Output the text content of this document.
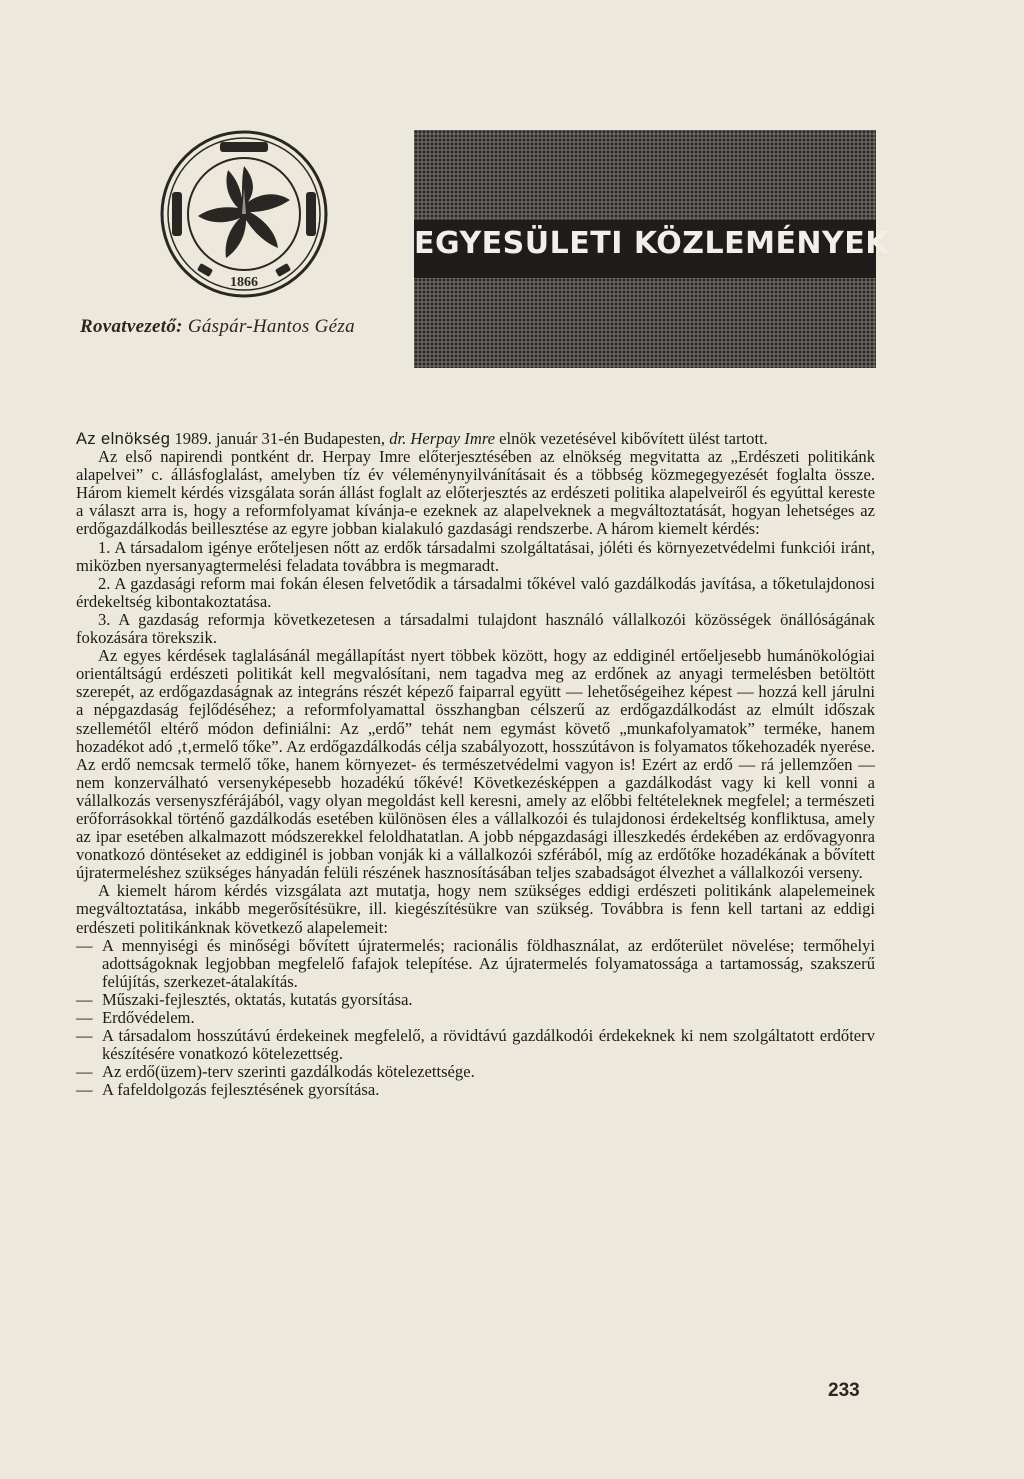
1866
Rovatvezető: Gáspár-Hantos Géza
EGYESÜLETI KÖZLEMÉNYEK

Az elnökség 1989. január 31-én Budapesten, dr. Herpay Imre elnök vezetésével kibővített ülést tartott.

Az első napirendi pontként dr. Herpay Imre előterjesztésében az elnökség megvitatta az „Erdészeti politikánk alapelvei” c. állásfoglalást, amelyben tíz év véleménynyilvánításait és a többség közmegegyezését foglalta össze. Három kiemelt kérdés vizsgálata során állást foglalt az előterjesztés az erdészeti politika alapelveiről és egyúttal kereste a választ arra is, hogy a reformfolyamat kívánja-e ezeknek az alapelveknek a megváltoztatását, hogyan lehetséges az erdőgazdálkodás beillesztése az egyre jobban kialakuló gazdasági rendszerbe. A három kiemelt kérdés:

1. A társadalom igénye erőteljesen nőtt az erdők társadalmi szolgáltatásai, jóléti és környezetvédelmi funkciói iránt, miközben nyersanyagtermelési feladata továbbra is megmaradt.

2. A gazdasági reform mai fokán élesen felvetődik a társadalmi tőkével való gazdálkodás javítása, a tőketulajdonosi érdekeltség kibontakoztatása.

3. A gazdaság reformja következetesen a társadalmi tulajdont használó vállalkozói közösségek önállóságának fokozására törekszik.

Az egyes kérdések taglalásánál megállapítást nyert többek között, hogy az eddiginél ertőeljesebb humánökológiai orientáltságú erdészeti politikát kell megvalósítani, nem tagadva meg az erdőnek az anyagi termelésben betöltött szerepét, az erdőgazdaságnak az integráns részét képező faiparral együtt — lehetőségeihez képest — hozzá kell járulni a népgazdaság fejlődéséhez; a reformfolyamattal összhangban célszerű az erdőgazdálkodást az elmúlt időszak szellemétől eltérő módon definiálni: Az „erdő” tehát nem egymást követő „munkafolyamatok” terméke, hanem hozadékot adó ‚t‚ermelő tőke”. Az erdőgazdálkodás célja szabályozott, hosszútávon is folyamatos tőkehozadék nyerése. Az erdő nemcsak termelő tőke, hanem környezet- és természetvédelmi vagyon is! Ezért az erdő — rá jellemzően — nem konzerválható versenyképesebb hozadékú tőkévé! Következésképpen a gazdálkodást vagy ki kell vonni a vállalkozás versenyszférájából, vagy olyan megoldást kell keresni, amely az előbbi feltételeknek megfelel; a természeti erőforrásokkal történő gazdálkodás esetében különösen éles a vállalkozói és tulajdonosi érdekeltség konfliktusa, amely az ipar esetében alkalmazott módszerekkel feloldhatatlan. A jobb népgazdasági illeszkedés érdekében az erdővagyonra vonatkozó döntéseket az eddiginél is jobban vonják ki a vállalkozói szférából, míg az erdőtőke hozadékának a bővített újratermeléshez szükséges hányadán felüli részének hasznosításában teljes szabadságot élvezhet a vállalkozói verseny.

A kiemelt három kérdés vizsgálata azt mutatja, hogy nem szükséges eddigi erdészeti politikánk alapelemeinek megváltoztatása, inkább megerősítésükre, ill. kiegészítésükre van szükség. Továbbra is fenn kell tartani az eddigi erdészeti politikánknak következő alapelemeit:

— A mennyiségi és minőségi bővített újratermelés; racionális földhasználat, az erdőterület növelése; termőhelyi adottságoknak legjobban megfelelő fafajok telepítése. Az újratermelés folyamatossága a tartamosság, szakszerű felújítás, szerkezet-átalakítás.
— Műszaki-fejlesztés, oktatás, kutatás gyorsítása.
— Erdővédelem.
— A társadalom hosszútávú érdekeinek megfelelő, a rövidtávú gazdálkodói érdekeknek ki nem szolgáltatott erdőterv készítésére vonatkozó kötelezettség.
— Az erdő(üzem)-terv szerinti gazdálkodás kötelezettsége.
— A fafeldolgozás fejlesztésének gyorsítása.
233
